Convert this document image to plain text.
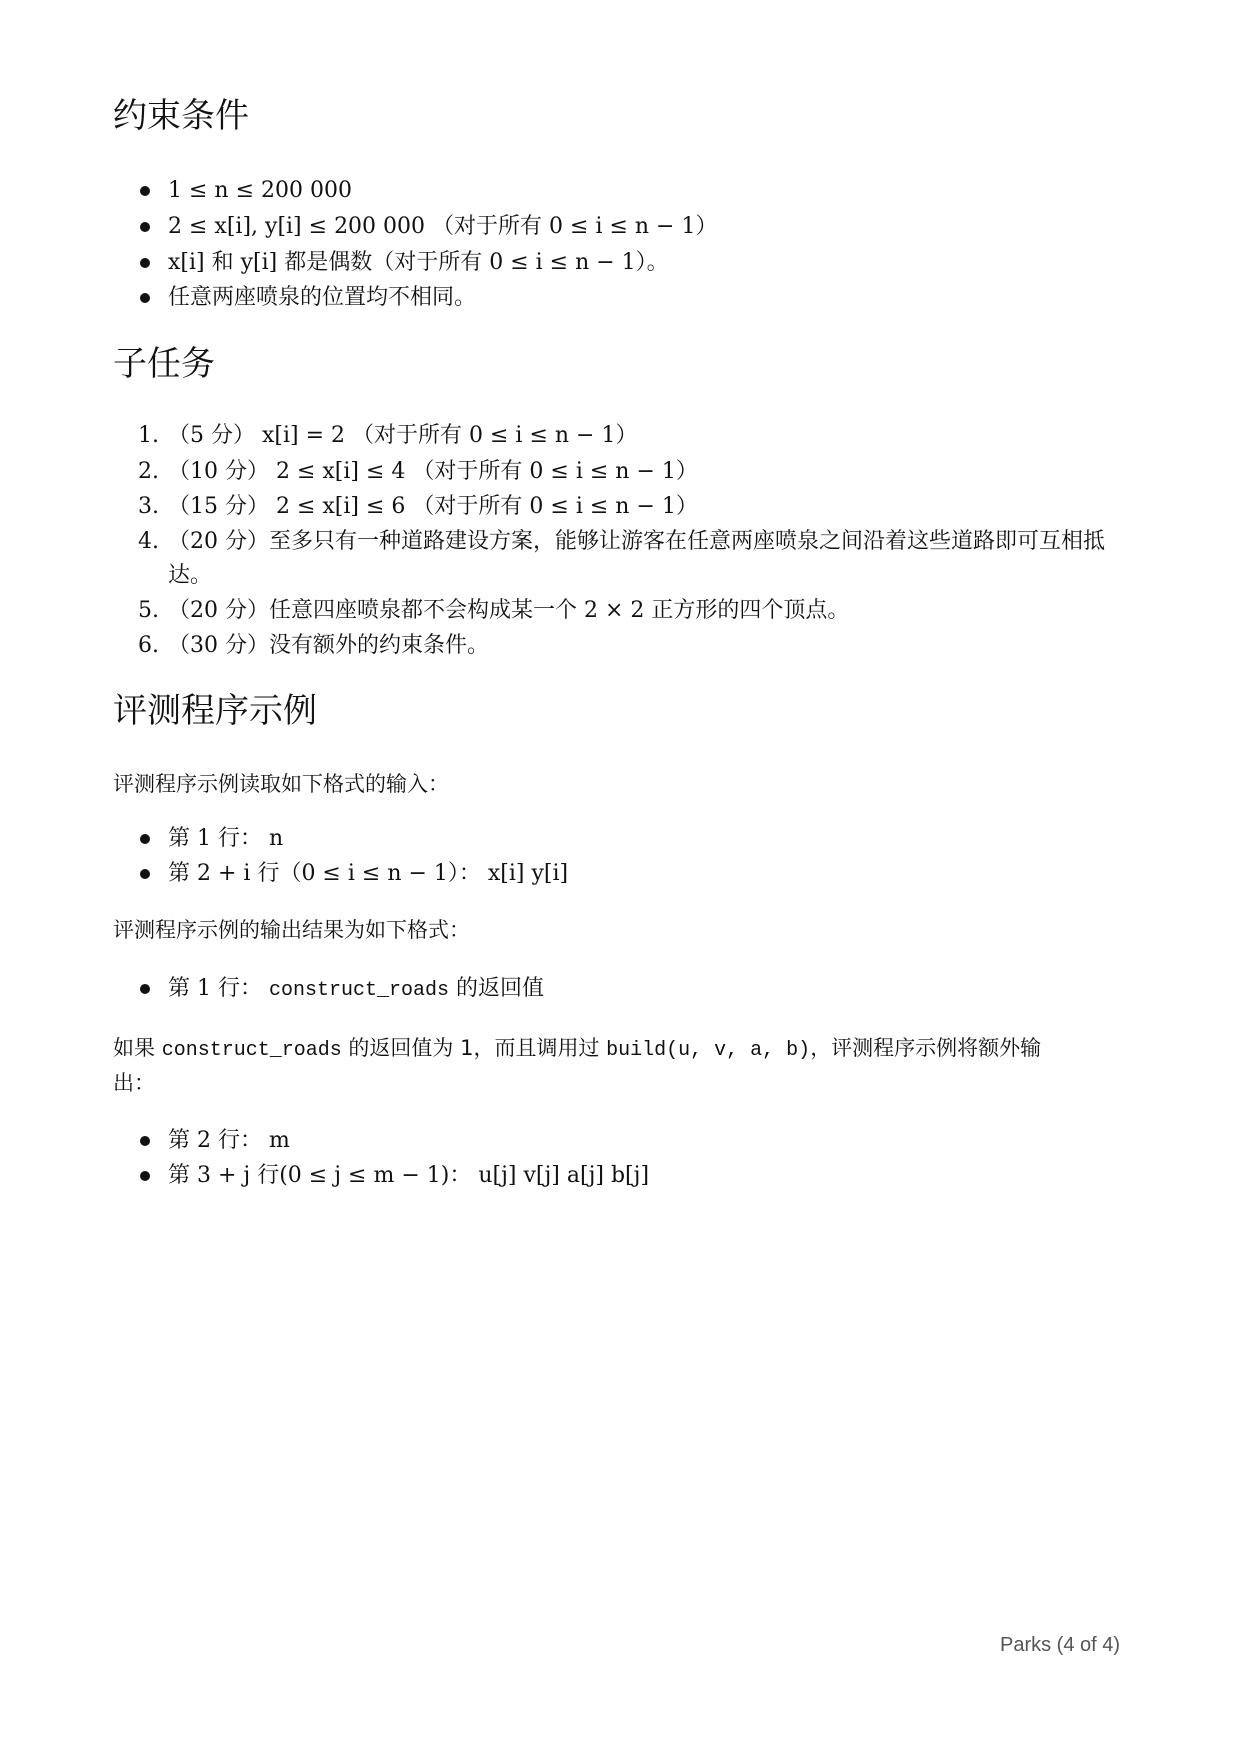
约束条件
1 ≤ n ≤ 200 000
2 ≤ x[i], y[i] ≤ 200 000 （对于所有 0 ≤ i ≤ n − 1）
x[i] 和 y[i] 都是偶数（对于所有 0 ≤ i ≤ n − 1）。
任意两座喷泉的位置均不相同。
子任务
1. （5 分） x[i] = 2 （对于所有 0 ≤ i ≤ n − 1）
2. （10 分） 2 ≤ x[i] ≤ 4 （对于所有 0 ≤ i ≤ n − 1）
3. （15 分） 2 ≤ x[i] ≤ 6 （对于所有 0 ≤ i ≤ n − 1）
4. （20 分）至多只有一种道路建设方案，能够让游客在任意两座喷泉之间沿着这些道路即可互相抵
达。
5. （20 分）任意四座喷泉都不会构成某一个 2 × 2 正方形的四个顶点。
6. （30 分）没有额外的约束条件。
评测程序示例
评测程序示例读取如下格式的输入：
第 1 行： n
第 2 + i 行（0 ≤ i ≤ n − 1）： x[i] y[i]
评测程序示例的输出结果为如下格式：
第 1 行： construct_roads 的返回值
如果 construct_roads 的返回值为 1，而且调用过 build(u, v, a, b)，评测程序示例将额外输
出：
第 2 行： m
第 3 + j 行(0 ≤ j ≤ m − 1)： u[j] v[j] a[j] b[j]
Parks (4 of 4)
